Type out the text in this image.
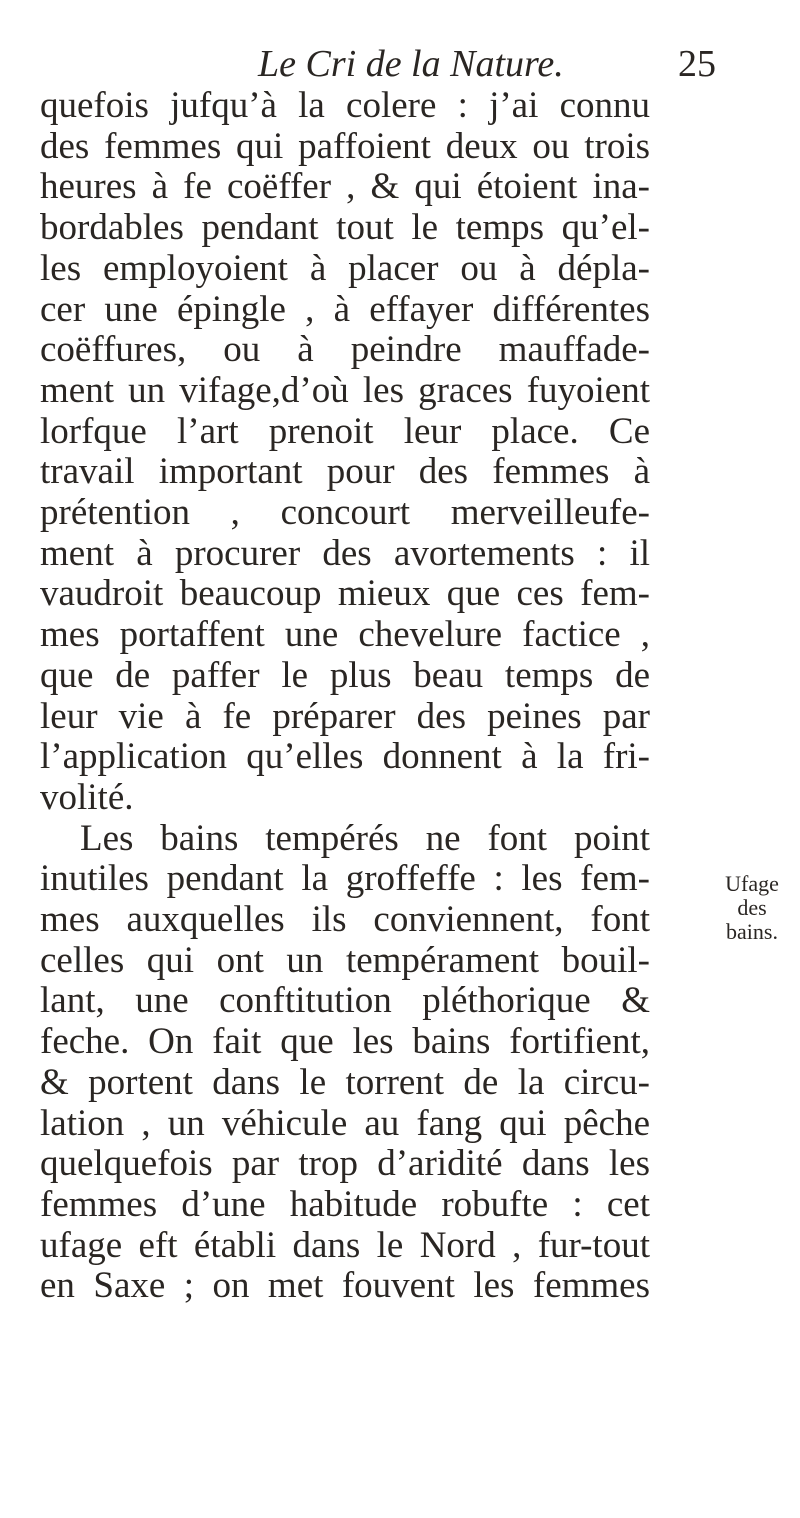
Le Cri de la Nature.	25
quefois jufqu’à la colere : j’ai connu
des femmes qui paffoient deux ou trois
heures à fe coëffer , & qui étoient ina-
bordables pendant tout le temps qu’el-
les employoient à placer ou à dépla-
cer une épingle , à effayer différentes
coëffures, ou à peindre mauffade-
ment un vifage,d’où les graces fuyoient
lorfque l’art prenoit leur place. Ce
travail important pour des femmes à
prétention , concourt merveilleufe-
ment à procurer des avortements : il
vaudroit beaucoup mieux que ces fem-
mes portaffent une chevelure factice ,
que de paffer le plus beau temps de
leur vie à fe préparer des peines par
l’application qu’elles donnent à la fri-
volité.
Les bains tempérés ne font point
inutiles pendant la groffeffe : les fem-
mes auxquelles ils conviennent, font
celles qui ont un tempérament bouil-
lant, une conftitution pléthorique &
feche. On fait que les bains fortifient,
& portent dans le torrent de la circu-
lation , un véhicule au fang qui pêche
quelquefois par trop d’aridité dans les
femmes d’une habitude robufte : cet
ufage eft établi dans le Nord , fur-tout
en Saxe ; on met fouvent les femmes
Ufage
des
bains.
